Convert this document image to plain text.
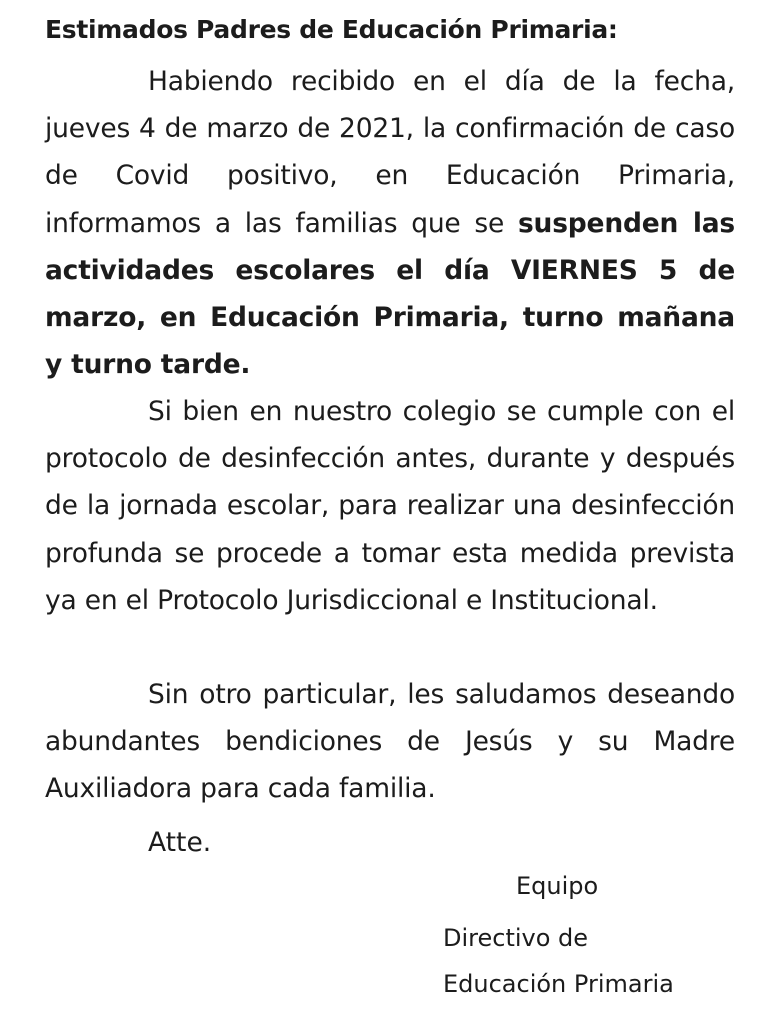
Estimados Padres de Educación Primaria:

Habiendo recibido en el día de la fecha, jueves 4 de marzo de 2021, la confirmación de caso de Covid positivo, en Educación Primaria, informamos a las familias que se suspenden las actividades escolares el día VIERNES 5 de marzo, en Educación Primaria, turno mañana y turno tarde.

Si bien en nuestro colegio se cumple con el protocolo de desinfección antes, durante y después de la jornada escolar, para realizar una desinfección profunda se procede a tomar esta medida prevista ya en el Protocolo Jurisdiccional e Institucional.

Sin otro particular, les saludamos deseando abundantes bendiciones de Jesús y su Madre Auxiliadora para cada familia.

Atte.
Equipo
Directivo de
Educación Primaria
